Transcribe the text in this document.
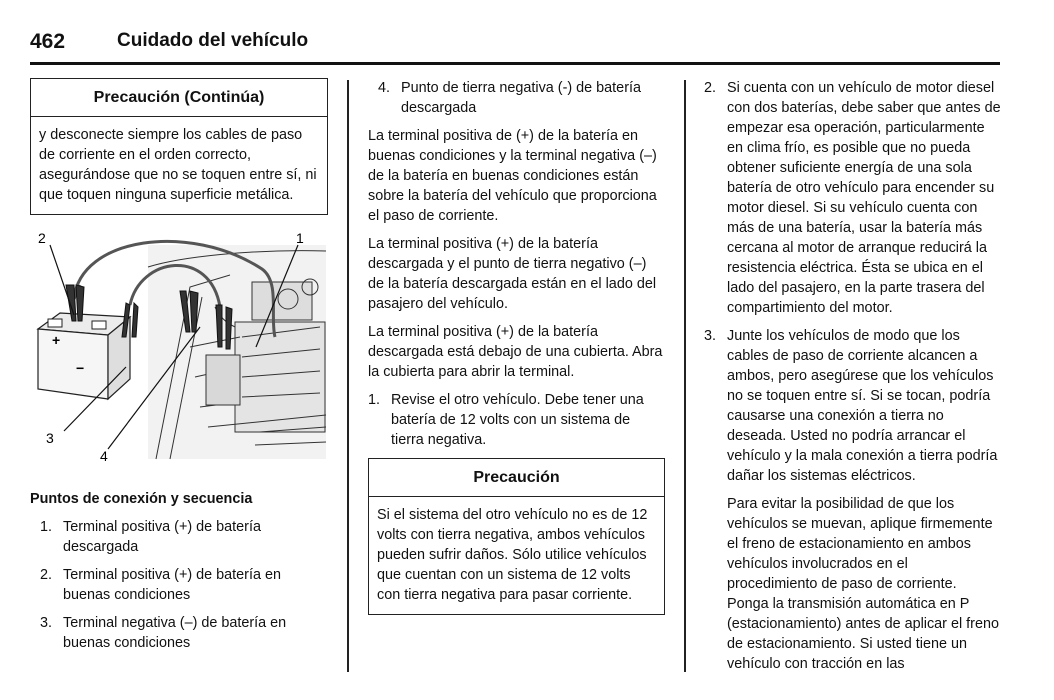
462	Cuidado del vehículo
Precaución (Continúa)
y desconecte siempre los cables de paso de corriente en el orden correcto, asegurándose que no se toquen entre sí, ni que toquen ninguna superficie metálica.
+
−
2	1
3
4

Puntos de conexión y secuencia

1. Terminal positiva (+) de batería descargada
2. Terminal positiva (+) de batería en buenas condiciones
3. Terminal negativa (–) de batería en buenas condiciones
4. Punto de tierra negativa (-) de batería descargada

La terminal positiva de (+) de la batería en buenas condiciones y la terminal negativa (–) de la batería en buenas condiciones están sobre la batería del vehículo que proporciona el paso de corriente.

La terminal positiva (+) de la batería descargada y el punto de tierra negativo (–) de la batería descargada están en el lado del pasajero del vehículo.

La terminal positiva (+) de la batería descargada está debajo de una cubierta. Abra la cubierta para abrir la terminal.

1. Revise el otro vehículo. Debe tener una batería de 12 volts con un sistema de tierra negativa.
Precaución
Si el sistema del otro vehículo no es de 12 volts con tierra negativa, ambos vehículos pueden sufrir daños. Sólo utilice vehículos que cuentan con un sistema de 12 volts con tierra negativa para pasar corriente.
2. Si cuenta con un vehículo de motor diesel con dos baterías, debe saber que antes de empezar esa operación, particularmente en clima frío, es posible que no pueda obtener suficiente energía de una sola batería de otro vehículo para encender su motor diesel. Si su vehículo cuenta con más de una batería, usar la batería más cercana al motor de arranque reducirá la resistencia eléctrica. Ésta se ubica en el lado del pasajero, en la parte trasera del compartimiento del motor.
3. Junte los vehículos de modo que los cables de paso de corriente alcancen a ambos, pero asegúrese que los vehículos no se toquen entre sí. Si se tocan, podría causarse una conexión a tierra no deseada. Usted no podría arrancar el vehículo y la mala conexión a tierra podría dañar los sistemas eléctricos.

Para evitar la posibilidad de que los vehículos se muevan, aplique firmemente el freno de estacionamiento en ambos vehículos involucrados en el procedimiento de paso de corriente. Ponga la transmisión automática en P (estacionamiento) antes de aplicar el freno de estacionamiento. Si usted tiene un vehículo con tracción en las
